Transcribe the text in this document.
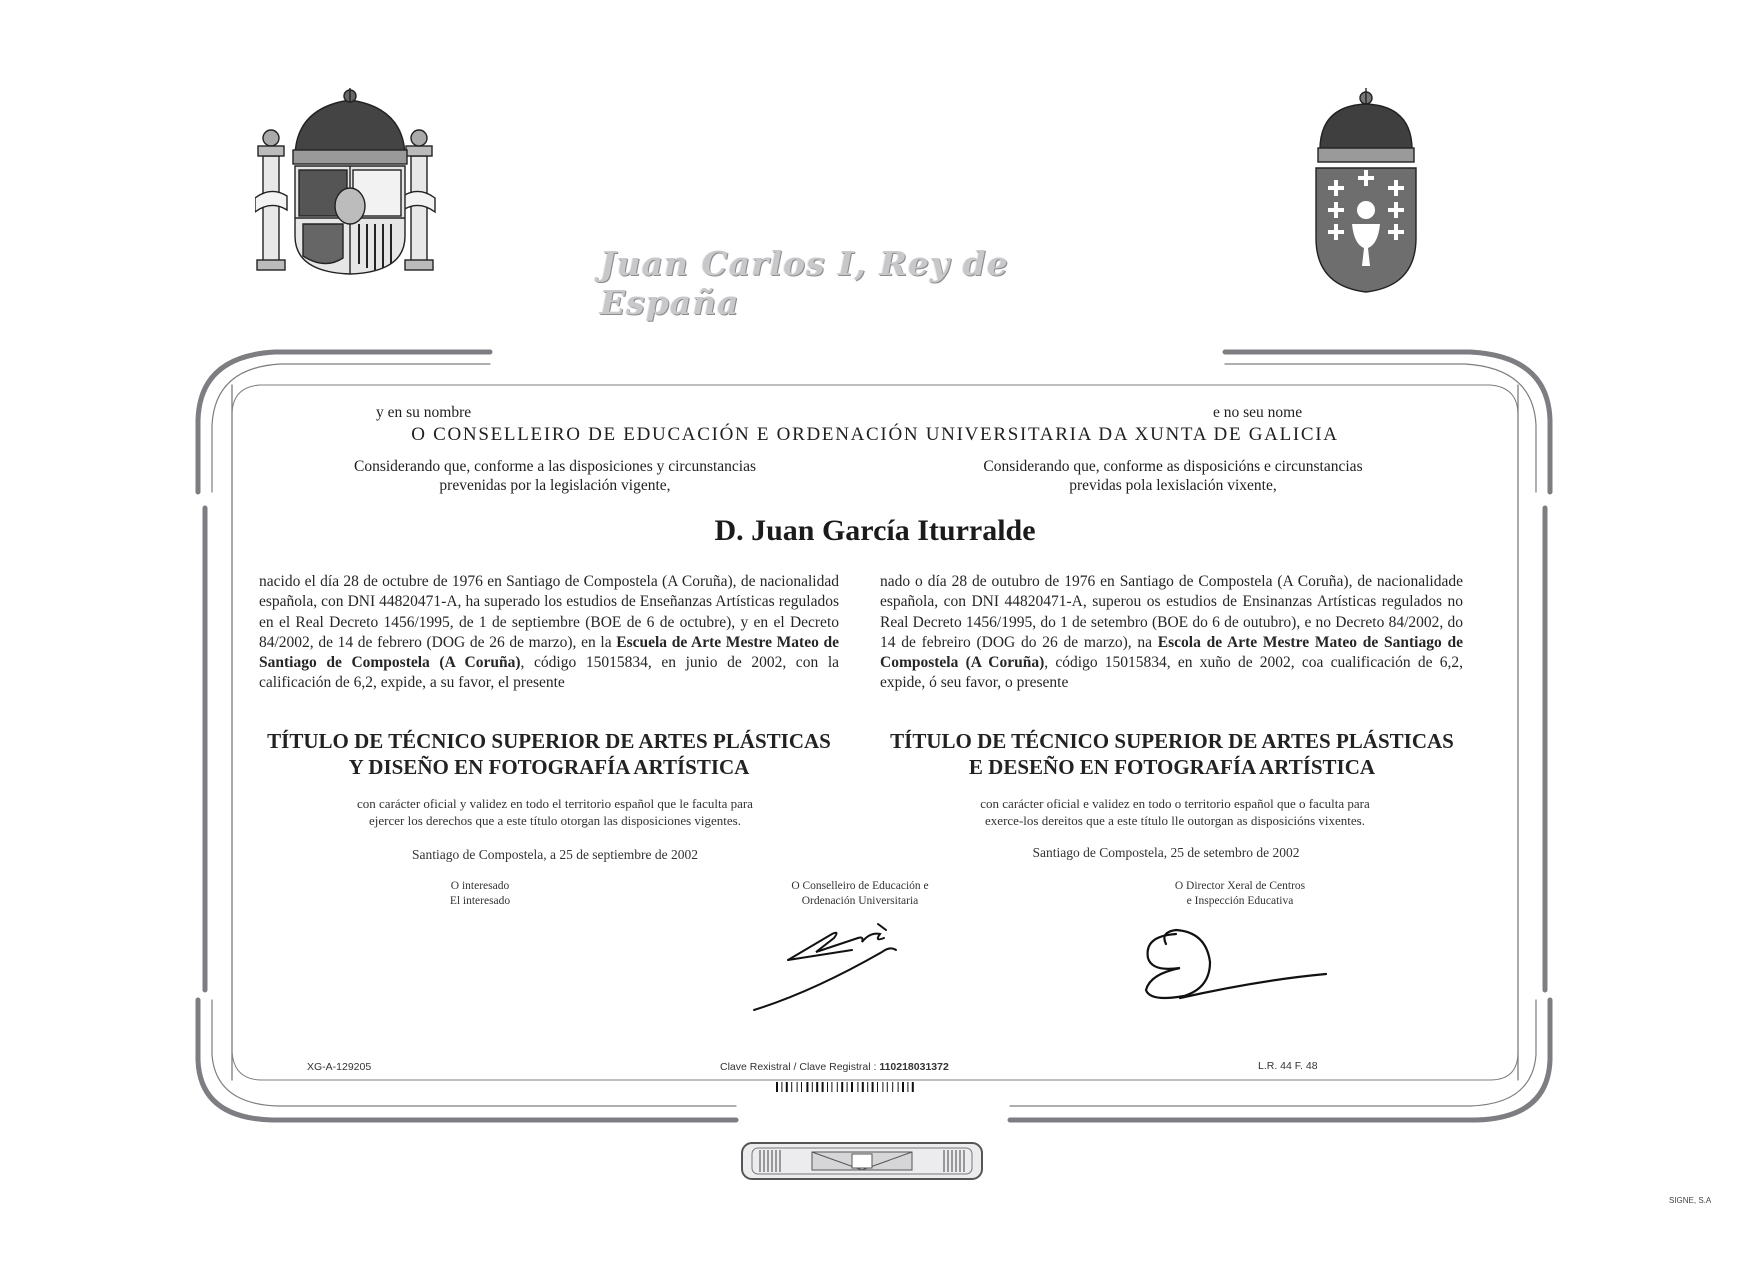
Juan Carlos I, Rey de España
y en su nombre	e no seu nome
O CONSELLEIRO DE EDUCACIÓN E ORDENACIÓN UNIVERSITARIA DA XUNTA DE GALICIA
Considerando que, conforme a las disposiciones y circunstancias
prevenidas por la legislación vigente,
Considerando que, conforme as disposicións e circunstancias
previdas pola lexislación vixente,
D. Juan García Iturralde
nacido el día 28 de octubre de 1976 en Santiago de Compostela (A Coruña), de nacionalidad española, con DNI 44820471-A, ha superado los estudios de Enseñanzas Artísticas regulados en el Real Decreto 1456/1995, de 1 de septiembre (BOE de 6 de octubre), y en el Decreto 84/2002, de 14 de febrero (DOG de 26 de marzo), en la Escuela de Arte Mestre Mateo de Santiago de Compostela (A Coruña), código 15015834, en junio de 2002, con la calificación de 6,2, expide, a su favor, el presente
nado o día 28 de outubro de 1976 en Santiago de Compostela (A Coruña), de nacionalidade española, con DNI 44820471-A, superou os estudios de Ensinanzas Artísticas regulados no Real Decreto 1456/1995, do 1 de setembro (BOE do 6 de outubro), e no Decreto 84/2002, do 14 de febreiro (DOG do 26 de marzo), na Escola de Arte Mestre Mateo de Santiago de Compostela (A Coruña), código 15015834, en xuño de 2002, coa cualificación de 6,2, expide, ó seu favor, o presente
TÍTULO DE TÉCNICO SUPERIOR DE ARTES PLÁSTICAS
Y DISEÑO EN FOTOGRAFÍA ARTÍSTICA
TÍTULO DE TÉCNICO SUPERIOR DE ARTES PLÁSTICAS
E DESEÑO EN FOTOGRAFÍA ARTÍSTICA
con carácter oficial y validez en todo el territorio español que le faculta para
ejercer los derechos que a este título otorgan las disposiciones vigentes.
con carácter oficial e validez en todo o territorio español que o faculta para
exerce-los dereitos que a este título lle outorgan as disposicións vixentes.
Santiago de Compostela, a 25 de septiembre de 2002	Santiago de Compostela, 25 de setembro de 2002
O interesado
El interesado
O Conselleiro de Educación e
Ordenación Universitaria
O Director Xeral de Centros
e Inspección Educativa
XG-A-129205	Clave Rexistral / Clave Registral : 110218031372	L.R. 44 F. 48
SIGNE, S.A
